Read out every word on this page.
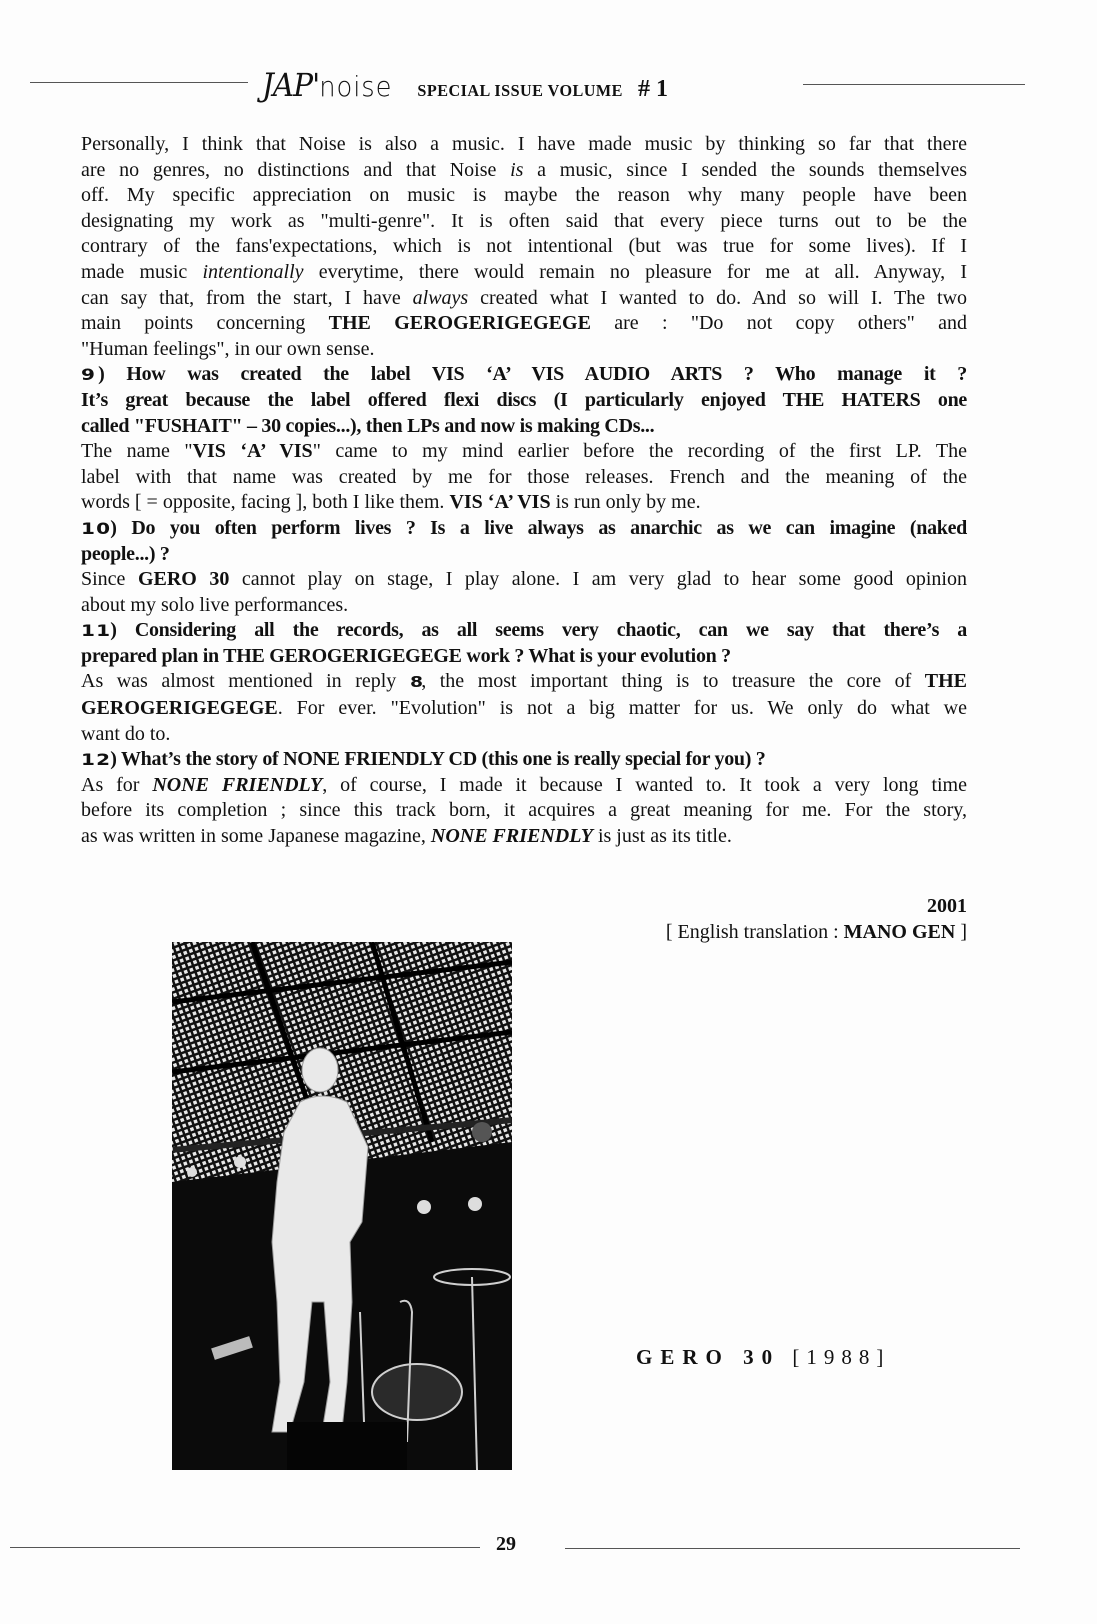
JAP'noise SPECIAL ISSUE VOLUME # 1
Personally, I think that Noise is also a music. I have made music by thinking so far that there
are no genres, no distinctions and that Noise is a music, since I sended the sounds themselves
off. My specific appreciation on music is maybe the reason why many people have been
designating my work as "multi-genre". It is often said that every piece turns out to be the
contrary of the fans'expectations, which is not intentional (but was true for some lives). If I
made music intentionally everytime, there would remain no pleasure for me at all. Anyway, I
can say that, from the start, I have always created what I wanted to do. And so will I. The two
main points concerning THE GEROGERIGEGEGE are : "Do not copy others" and
"Human feelings", in our own sense.
9) How was created the label VIS ‘A’ VIS AUDIO ARTS ? Who manage it ?
It’s great because the label offered flexi discs (I particularly enjoyed THE HATERS one
called "FUSHAIT" – 30 copies...), then LPs and now is making CDs...
The name "VIS ‘A’ VIS" came to my mind earlier before the recording of the first LP. The
label with that name was created by me for those releases. French and the meaning of the
words [ = opposite, facing ], both I like them. VIS ‘A’ VIS is run only by me.
10) Do you often perform lives ? Is a live always as anarchic as we can imagine (naked
people...) ?
Since GERO 30 cannot play on stage, I play alone. I am very glad to hear some good opinion
about my solo live performances.
11) Considering all the records, as all seems very chaotic, can we say that there’s a
prepared plan in THE GEROGERIGEGEGE work ? What is your evolution ?
As was almost mentioned in reply 8, the most important thing is to treasure the core of THE
GEROGERIGEGEGE. For ever. "Evolution" is not a big matter for us. We only do what we
want do to.
12) What’s the story of NONE FRIENDLY CD (this one is really special for you) ?
As for NONE FRIENDLY, of course, I made it because I wanted to. It took a very long time
before its completion ; since this track born, it acquires a great meaning for me. For the story,
as was written in some Japanese magazine, NONE FRIENDLY is just as its title.
2001
[ English translation : MANO GEN ]
GERO 30 [1988]
29
